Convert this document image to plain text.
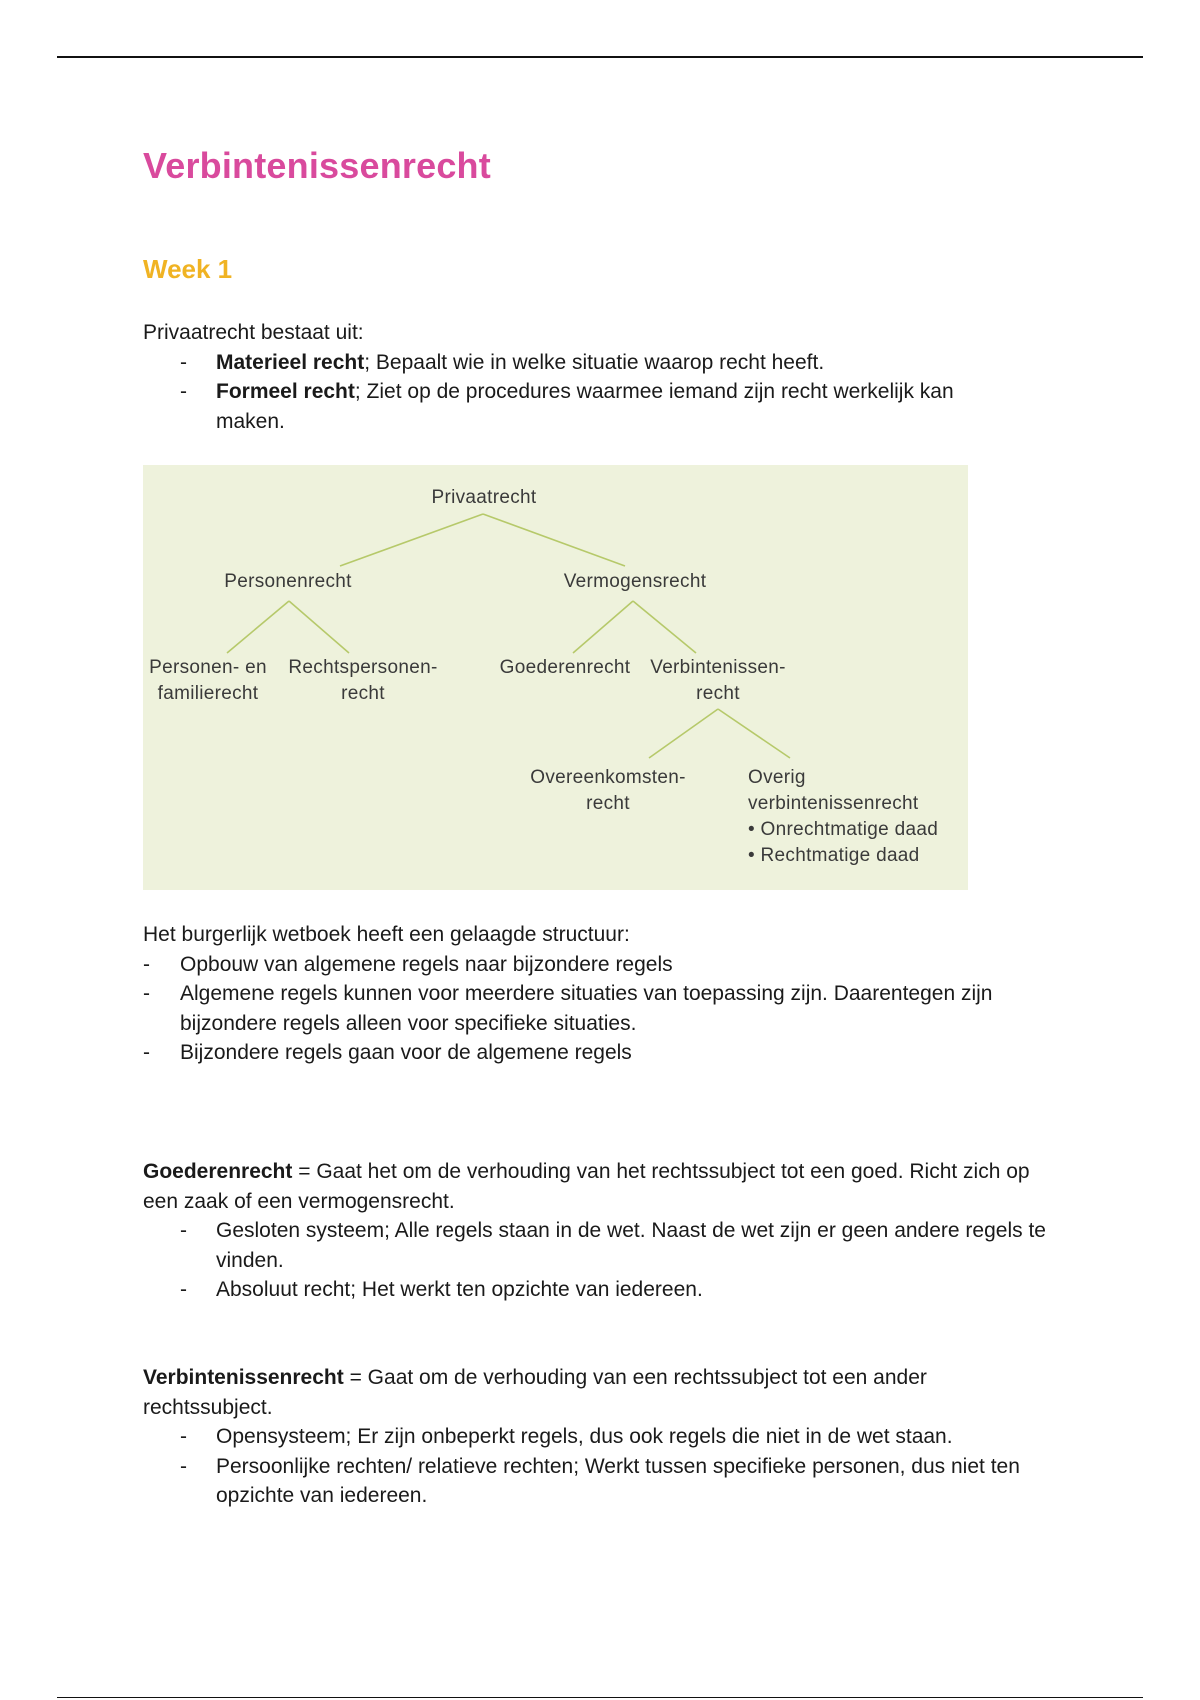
Verbintenissenrecht
Week 1

Privaatrecht bestaat uit:

- Materieel recht; Bepaalt wie in welke situatie waarop recht heeft.
- Formeel recht; Ziet op de procedures waarmee iemand zijn recht werkelijk kan maken.
Privaatrecht
Personenrecht	Vermogensrecht
Personen- en
familierecht
Rechtspersonen-
recht
Goederenrecht	Verbintenissen-
recht
Overeenkomsten-
recht
Overig
verbintenissenrecht
• Onrechtmatige daad
• Rechtmatige daad

Het burgerlijk wetboek heeft een gelaagde structuur:

- Opbouw van algemene regels naar bijzondere regels
- Algemene regels kunnen voor meerdere situaties van toepassing zijn. Daarentegen zijn bijzondere regels alleen voor specifieke situaties.
- Bijzondere regels gaan voor de algemene regels

Goederenrecht = Gaat het om de verhouding van het rechtssubject tot een goed. Richt zich op een zaak of een vermogensrecht.

- Gesloten systeem; Alle regels staan in de wet. Naast de wet zijn er geen andere regels te vinden.
- Absoluut recht; Het werkt ten opzichte van iedereen.

Verbintenissenrecht = Gaat om de verhouding van een rechtssubject tot een ander rechtssubject.

- Opensysteem; Er zijn onbeperkt regels, dus ook regels die niet in de wet staan.
- Persoonlijke rechten/ relatieve rechten; Werkt tussen specifieke personen, dus niet ten opzichte van iedereen.
